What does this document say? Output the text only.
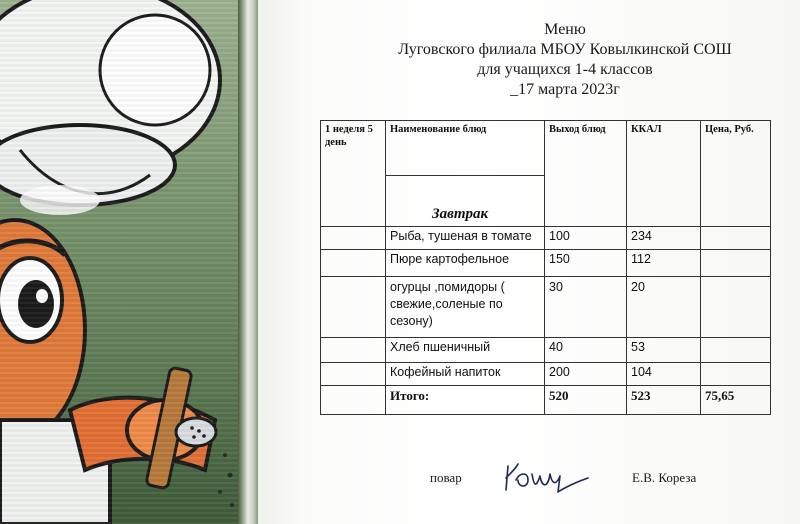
Меню
Луговского филиала МБОУ Ковылкинской СОШ
для учащихся 1-4 классов
_17 марта 2023г
1 неделя 5 день	Наименование блюд	Выход блюд	ККАЛ	Цена, Руб.

	Завтрак			

	Рыба, тушеная в томате	100	234	
	Пюре картофельное	150	112	
	огурцы ,помидоры ( свежие,соленые по сезону)	30	20	
	Хлеб пшеничный	40	53	
	Кофейный напиток	200	104	
	Итого:	520	523	75,65
повар	Е.В. Кореза
